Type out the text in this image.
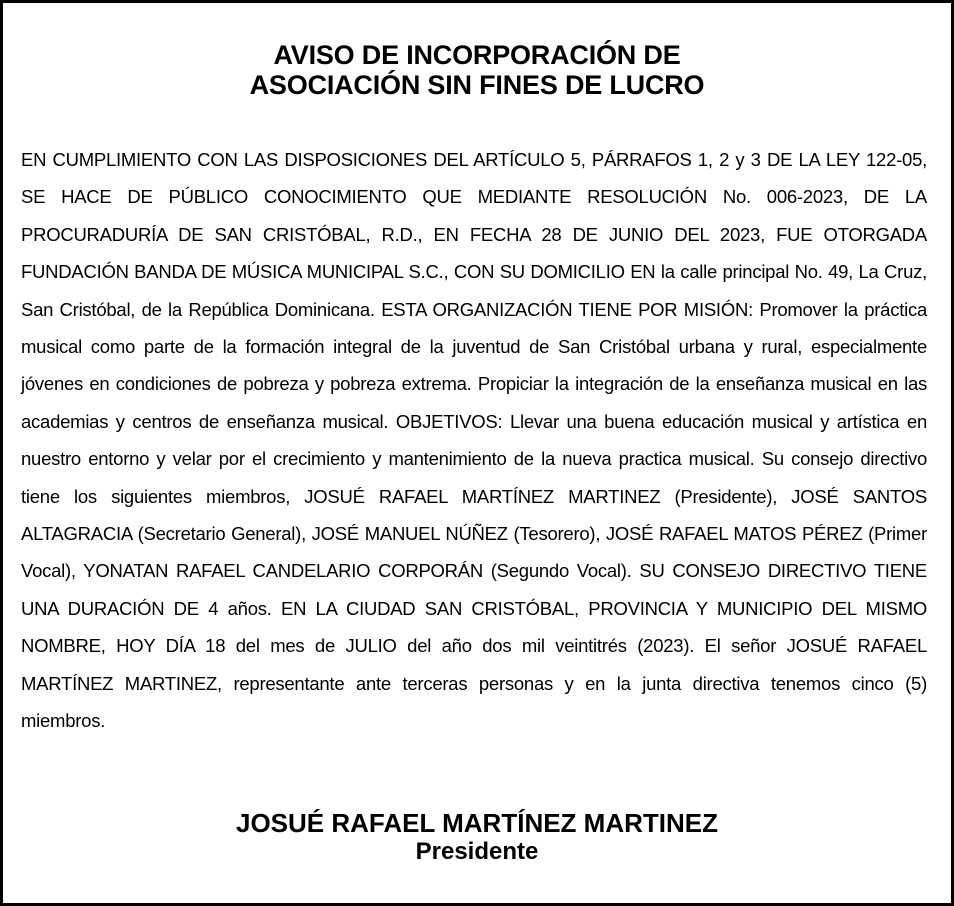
AVISO DE INCORPORACIÓN DE
ASOCIACIÓN SIN FINES DE LUCRO

EN CUMPLIMIENTO CON LAS DISPOSICIONES DEL ARTÍCULO 5, PÁRRAFOS 1, 2 y 3 DE LA LEY 122-05, SE HACE DE PÚBLICO CONOCIMIENTO QUE MEDIANTE RESOLUCIÓN No. 006-2023, DE LA PROCURADURÍA DE SAN CRISTÓBAL, R.D., EN FECHA 28 DE JUNIO DEL 2023, FUE OTORGADA FUNDACIÓN BANDA DE MÚSICA MUNICIPAL S.C., CON SU DOMICILIO EN la calle principal No. 49, La Cruz, San Cristóbal, de la República Dominicana. ESTA ORGANIZACIÓN TIENE POR MISIÓN: Promover la práctica musical como parte de la formación integral de la juventud de San Cristóbal urbana y rural, especialmente jóvenes en condiciones de pobreza y pobreza extrema. Propiciar la integración de la enseñanza musical en las academias y centros de enseñanza musical. OBJETIVOS: Llevar una buena educación musical y artística en nuestro entorno y velar por el crecimiento y mantenimiento de la nueva practica musical. Su consejo directivo tiene los siguientes miembros, JOSUÉ RAFAEL MARTÍNEZ MARTINEZ (Presidente), JOSÉ SANTOS ALTAGRACIA (Secretario General), JOSÉ MANUEL NÚÑEZ (Tesorero), JOSÉ RAFAEL MATOS PÉREZ (Primer Vocal), YONATAN RAFAEL CANDELARIO CORPORÁN (Segundo Vocal). SU CONSEJO DIRECTIVO TIENE UNA DURACIÓN DE 4 años. EN LA CIUDAD SAN CRISTÓBAL, PROVINCIA Y MUNICIPIO DEL MISMO NOMBRE, HOY DÍA 18 del mes de JULIO del año dos mil veintitrés (2023). El señor JOSUÉ RAFAEL MARTÍNEZ MARTINEZ, representante ante terceras personas y en la junta directiva tenemos cinco (5) miembros.

JOSUÉ RAFAEL MARTÍNEZ MARTINEZ
Presidente
